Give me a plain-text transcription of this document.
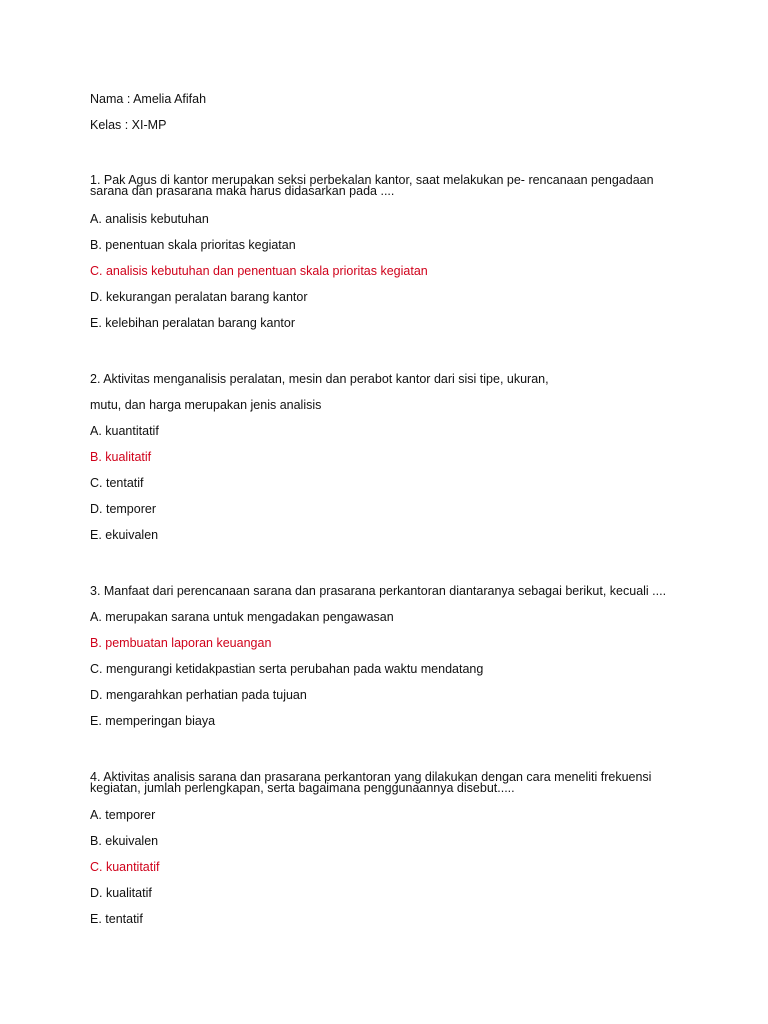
Nama : Amelia Afifah
Kelas : XI-MP
1. Pak Agus di kantor merupakan seksi perbekalan kantor, saat melakukan pe- rencanaan pengadaan sarana dan prasarana maka harus didasarkan pada ....
A. analisis kebutuhan
B. penentuan skala prioritas kegiatan
C. analisis kebutuhan dan penentuan skala prioritas kegiatan
D. kekurangan peralatan barang kantor
E. kelebihan peralatan barang kantor
2. Aktivitas menganalisis peralatan, mesin dan perabot kantor dari sisi tipe, ukuran,
mutu, dan harga merupakan jenis analisis
A. kuantitatif
B. kualitatif
C. tentatif
D. temporer
E. ekuivalen
3. Manfaat dari perencanaan sarana dan prasarana perkantoran diantaranya sebagai berikut, kecuali ....
A. merupakan sarana untuk mengadakan pengawasan
B. pembuatan laporan keuangan
C. mengurangi ketidakpastian serta perubahan pada waktu mendatang
D. mengarahkan perhatian pada tujuan
E. memperingan biaya
4. Aktivitas analisis sarana dan prasarana perkantoran yang dilakukan dengan cara meneliti frekuensi kegiatan, jumlah perlengkapan, serta bagaimana penggunaannya disebut.....
A. temporer
B. ekuivalen
C. kuantitatif
D. kualitatif
E. tentatif
